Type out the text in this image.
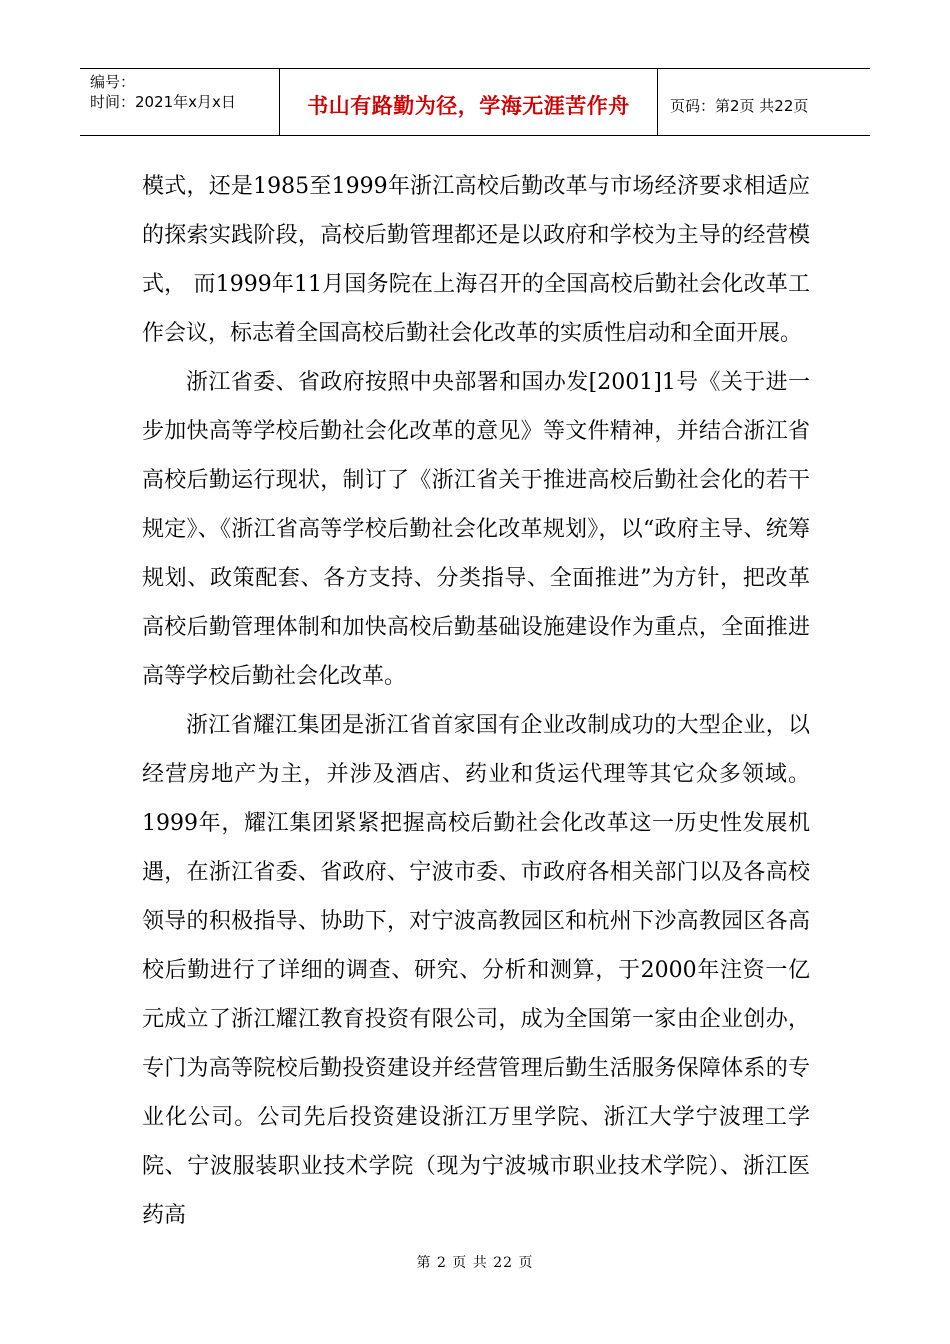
编号：
时间：2021年x月x日	书山有路勤为径，学海无涯苦作舟	页码：第2页 共22页

模式，还是1985至1999年浙江高校后勤改革与市场经济要求相适应的探索实践阶段，高校后勤管理都还是以政府和学校为主导的经营模式， 而1999年11月国务院在上海召开的全国高校后勤社会化改革工作会议，标志着全国高校后勤社会化改革的实质性启动和全面开展。

浙江省委、省政府按照中央部署和国办发[2001]1号《关于进一步加快高等学校后勤社会化改革的意见》等文件精神，并结合浙江省高校后勤运行现状，制订了《浙江省关于推进高校后勤社会化的若干规定》、《浙江省高等学校后勤社会化改革规划》，以“政府主导、统筹规划、政策配套、各方支持、分类指导、全面推进”为方针，把改革高校后勤管理体制和加快高校后勤基础设施建设作为重点，全面推进高等学校后勤社会化改革。

浙江省耀江集团是浙江省首家国有企业改制成功的大型企业，以经营房地产为主，并涉及酒店、药业和货运代理等其它众多领域。1999年，耀江集团紧紧把握高校后勤社会化改革这一历史性发展机遇，在浙江省委、省政府、宁波市委、市政府各相关部门以及各高校领导的积极指导、协助下，对宁波高教园区和杭州下沙高教园区各高校后勤进行了详细的调查、研究、分析和测算，于2000年注资一亿元成立了浙江耀江教育投资有限公司，成为全国第一家由企业创办，专门为高等院校后勤投资建设并经营管理后勤生活服务保障体系的专业化公司。公司先后投资建设浙江万里学院、浙江大学宁波理工学院、宁波服装职业技术学院（现为宁波城市职业技术学院）、浙江医药高

第 2 页 共 22 页
